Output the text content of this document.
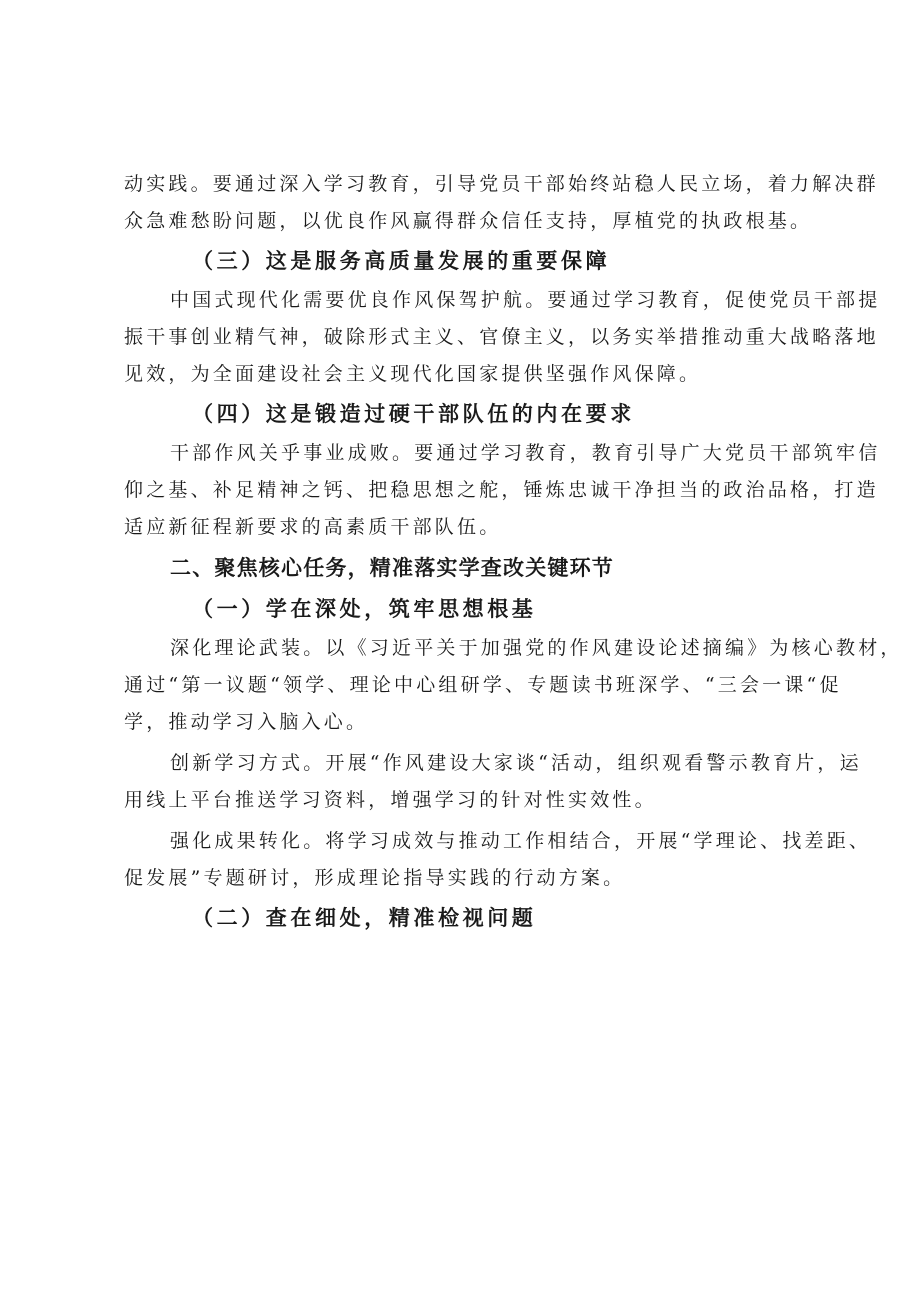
动实践。要通过深入学习教育，引导党员干部始终站稳人民立场，着力解决群

众急难愁盼问题，以优良作风赢得群众信任支持，厚植党的执政根基。

（三）这是服务高质量发展的重要保障

中国式现代化需要优良作风保驾护航。要通过学习教育，促使党员干部提

振干事创业精气神，破除形式主义、官僚主义，以务实举措推动重大战略落地

见效，为全面建设社会主义现代化国家提供坚强作风保障。

（四）这是锻造过硬干部队伍的内在要求

干部作风关乎事业成败。要通过学习教育，教育引导广大党员干部筑牢信

仰之基、补足精神之钙、把稳思想之舵，锤炼忠诚干净担当的政治品格，打造

适应新征程新要求的高素质干部队伍。

二、聚焦核心任务，精准落实学查改关键环节
（一）学在深处，筑牢思想根基

深化理论武装。以《习近平关于加强党的作风建设论述摘编》为核心教材，

通过“第一议题“领学、理论中心组研学、专题读书班深学、“三会一课“促

学，推动学习入脑入心。

创新学习方式。开展“作风建设大家谈“活动，组织观看警示教育片，运

用线上平台推送学习资料，增强学习的针对性实效性。

强化成果转化。将学习成效与推动工作相结合，开展“学理论、找差距、

促发展”专题研讨，形成理论指导实践的行动方案。

（二）查在细处，精准检视问题
